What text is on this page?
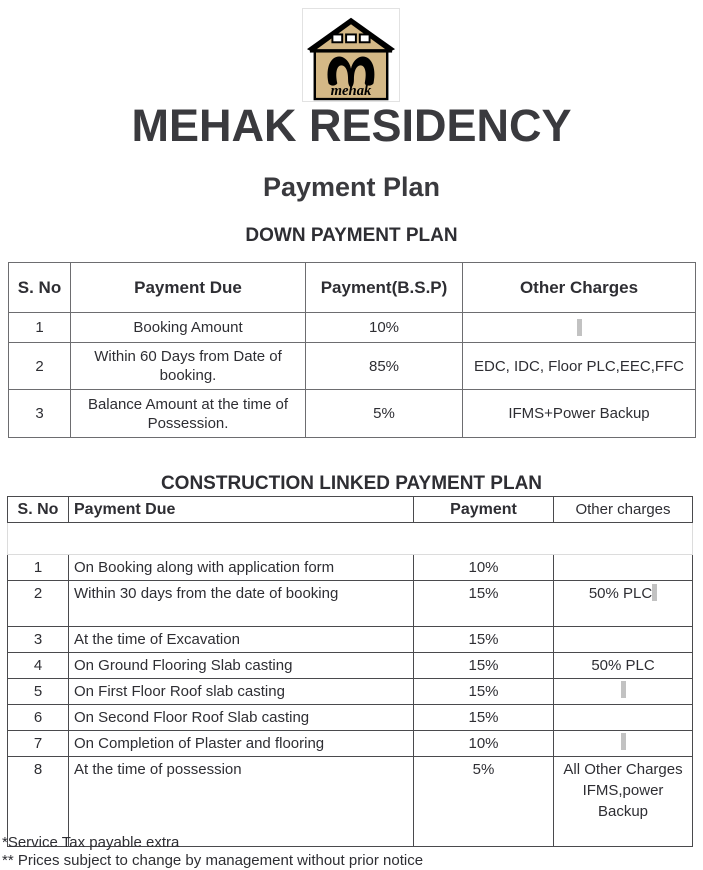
mehak
MEHAK RESIDENCY
Payment Plan
DOWN PAYMENT PLAN
CONSTRUCTION LINKED PAYMENT PLAN
S. No	Payment Due	Payment(B.S.P)	Other Charges
1	Booking Amount	10%	

2	Within 60 Days from Date of booking.	85%	EDC, IDC, Floor PLC,EEC,FFC
3	Balance Amount at the time of Possession.	5%	IFMS+Power Backup

S. No	Payment Due	Payment	Other charges
1	On Booking along with application form	10%	
2	Within 30 days from the date of booking	15%	50% PLC
3	At the time of Excavation	15%	
4	On Ground Flooring Slab casting	15%	50% PLC
5	On First Floor Roof slab casting	15%	

6	On Second Floor Roof Slab casting	15%	
7	On Completion of Plaster and flooring	10%	

8	At the time of possession	5%	All Other Charges IFMS,power Backup
*Service Tax payable extra
** Prices subject to change by management without prior notice
